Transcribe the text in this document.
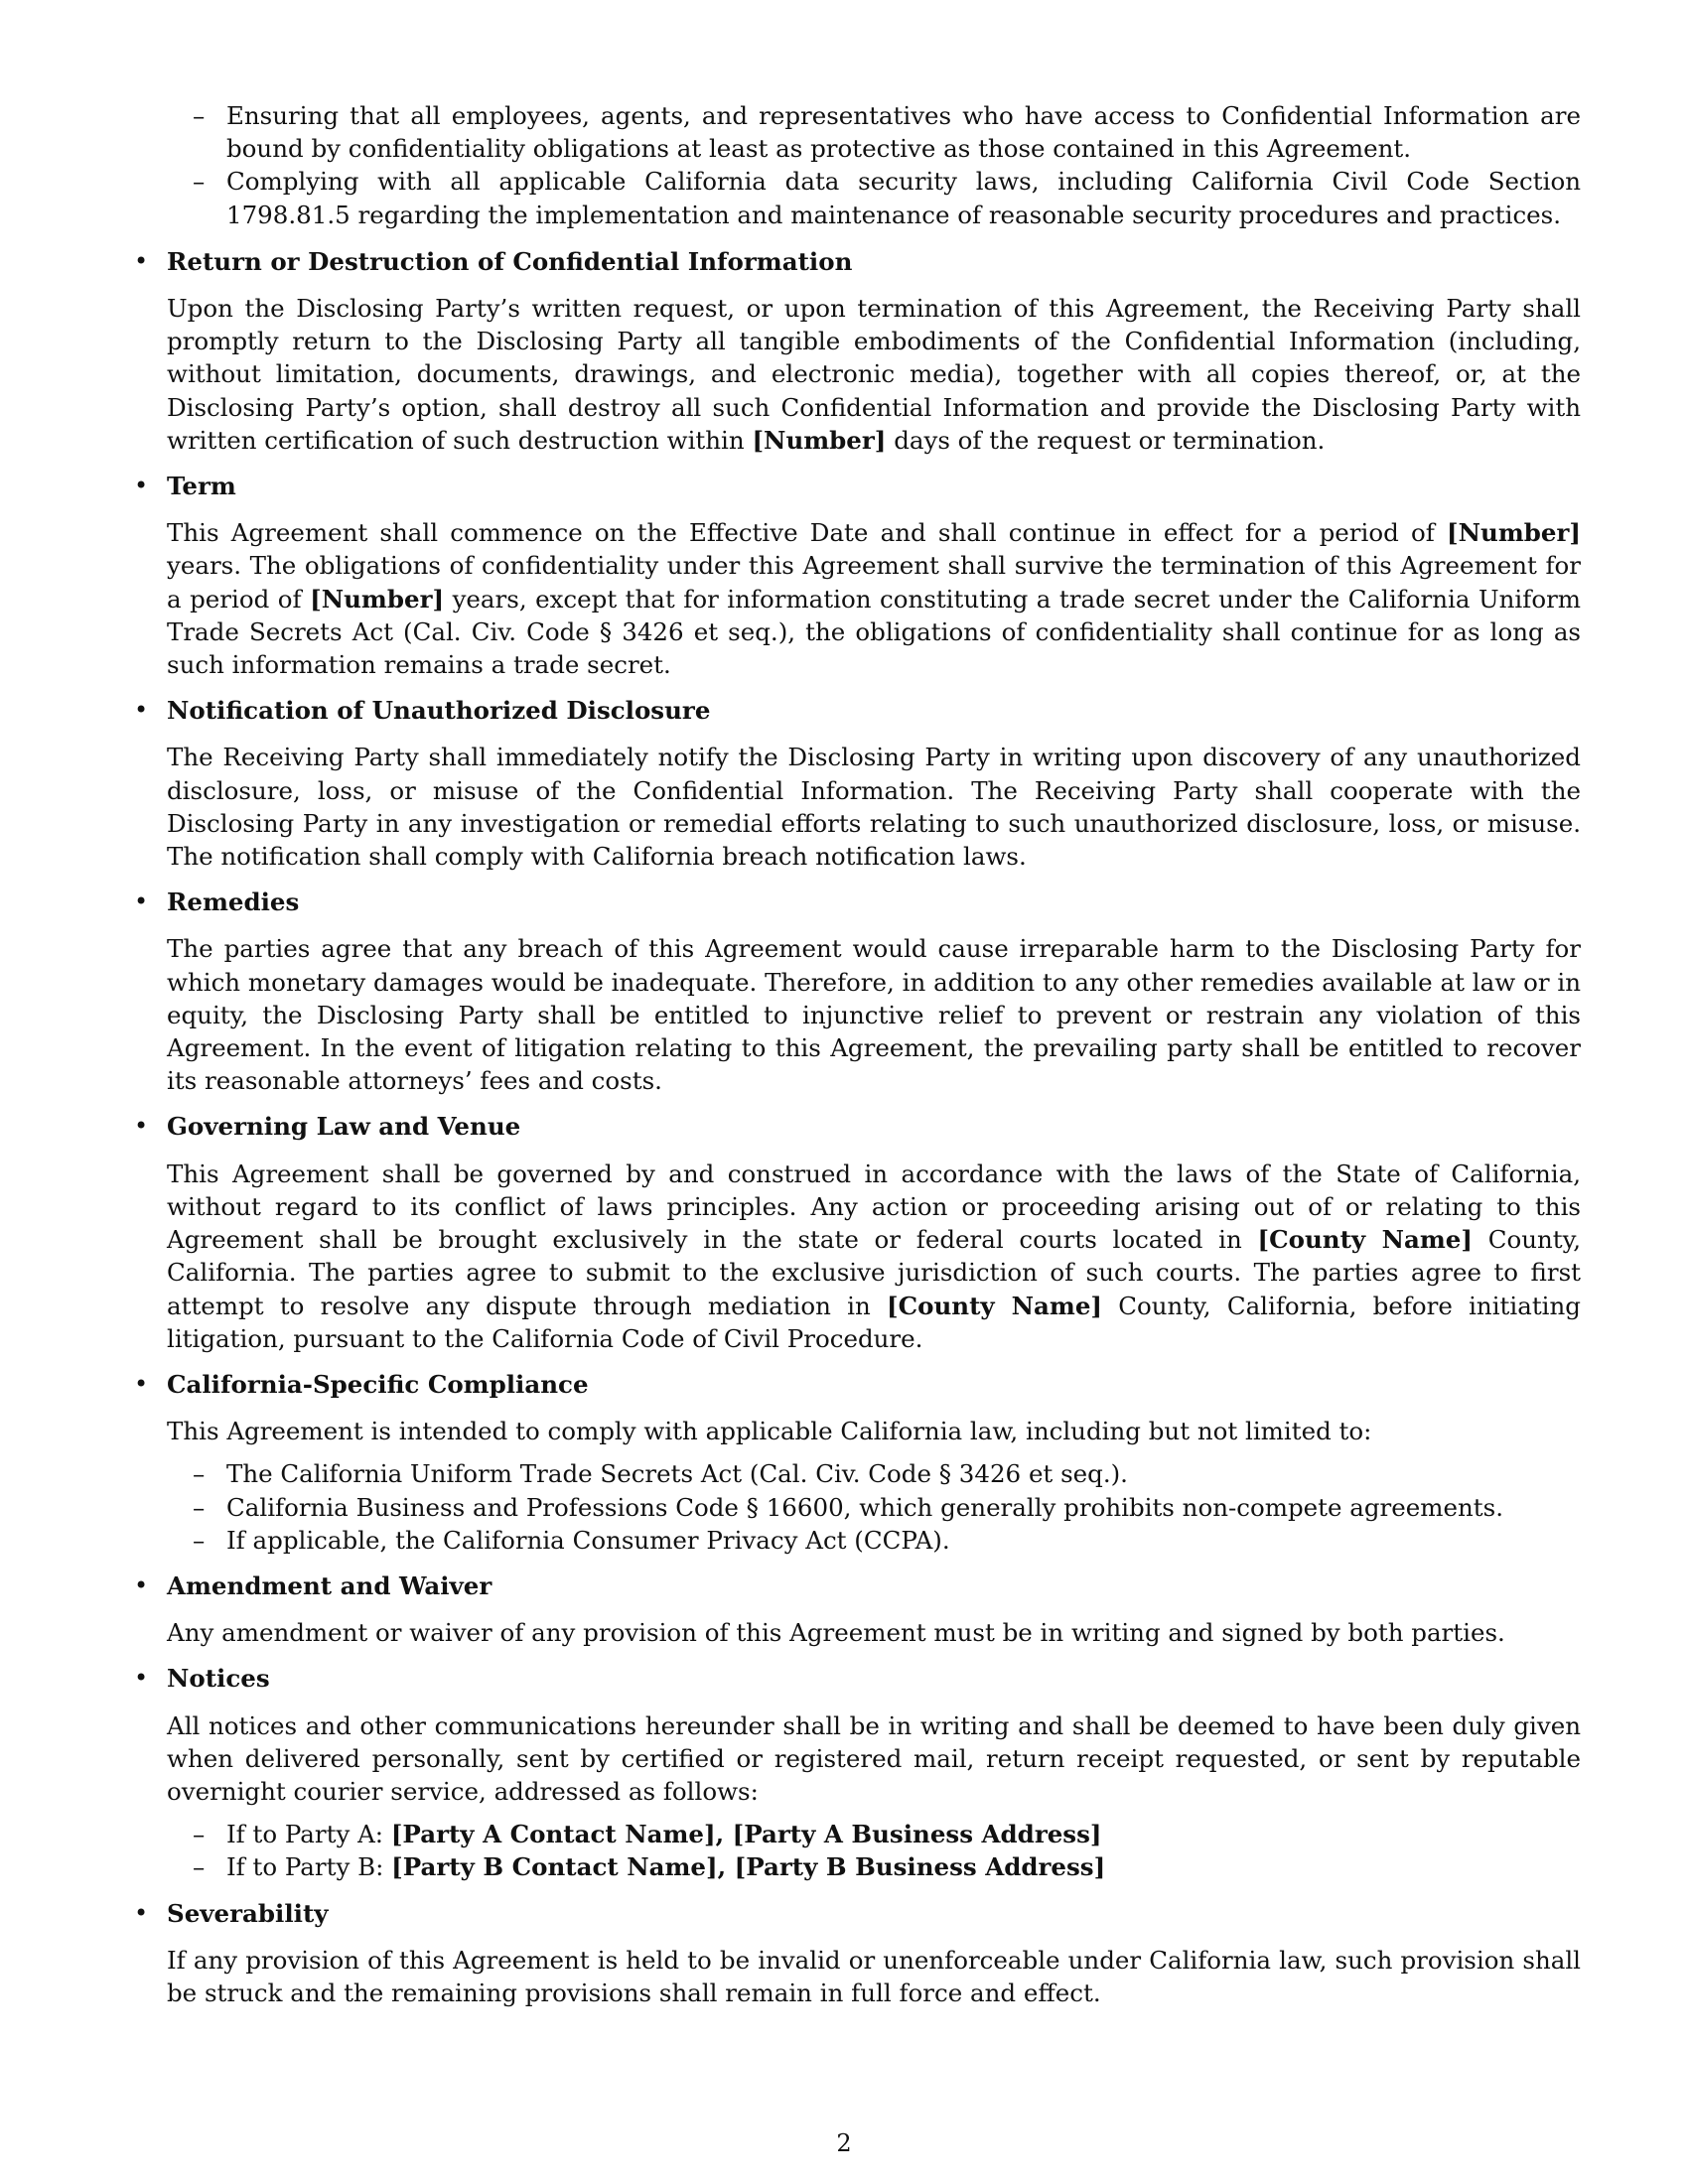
– Ensuring that all employees, agents, and representatives who have access to Confidential Information are bound by confidentiality obligations at least as protective as those contained in this Agreement.
– Complying with all applicable California data security laws, including California Civil Code Section 1798.81.5 regarding the implementation and maintenance of reasonable security procedures and practices.
• Return or Destruction of Confidential Information

Upon the Disclosing Party’s written request, or upon termination of this Agreement, the Receiving Party shall promptly return to the Disclosing Party all tangible embodiments of the Confidential Information (including, without limitation, documents, drawings, and electronic media), together with all copies thereof, or, at the Disclosing Party’s option, shall destroy all such Confidential Information and provide the Disclosing Party with written certification of such destruction within [Number] days of the request or termination.

• Term

This Agreement shall commence on the Effective Date and shall continue in effect for a period of [Number] years. The obligations of confidentiality under this Agreement shall survive the termination of this Agreement for a period of [Number] years, except that for information constituting a trade secret under the California Uniform Trade Secrets Act (Cal. Civ. Code § 3426 et seq.), the obligations of confidentiality shall continue for as long as such information remains a trade secret.

• Notification of Unauthorized Disclosure

The Receiving Party shall immediately notify the Disclosing Party in writing upon discovery of any unauthorized disclosure, loss, or misuse of the Confidential Information. The Receiving Party shall cooperate with the Disclosing Party in any investigation or remedial efforts relating to such unauthorized disclosure, loss, or misuse. The notification shall comply with California breach notification laws.

• Remedies

The parties agree that any breach of this Agreement would cause irreparable harm to the Disclosing Party for which monetary damages would be inadequate. Therefore, in addition to any other remedies available at law or in equity, the Disclosing Party shall be entitled to injunctive relief to prevent or restrain any violation of this Agreement. In the event of litigation relating to this Agreement, the prevailing party shall be entitled to recover its reasonable attorneys’ fees and costs.

• Governing Law and Venue

This Agreement shall be governed by and construed in accordance with the laws of the State of California, without regard to its conflict of laws principles. Any action or proceeding arising out of or relating to this Agreement shall be brought exclusively in the state or federal courts located in [County Name] County, California. The parties agree to submit to the exclusive jurisdiction of such courts. The parties agree to first attempt to resolve any dispute through mediation in [County Name] County, California, before initiating litigation, pursuant to the California Code of Civil Procedure.

• California-Specific Compliance

This Agreement is intended to comply with applicable California law, including but not limited to:

– The California Uniform Trade Secrets Act (Cal. Civ. Code § 3426 et seq.).
– California Business and Professions Code § 16600, which generally prohibits non-compete agreements.
– If applicable, the California Consumer Privacy Act (CCPA).
• Amendment and Waiver

Any amendment or waiver of any provision of this Agreement must be in writing and signed by both parties.

• Notices

All notices and other communications hereunder shall be in writing and shall be deemed to have been duly given when delivered personally, sent by certified or registered mail, return receipt requested, or sent by reputable overnight courier service, addressed as follows:

– If to Party A: [Party A Contact Name], [Party A Business Address]
– If to Party B: [Party B Contact Name], [Party B Business Address]
• Severability

If any provision of this Agreement is held to be invalid or unenforceable under California law, such provision shall be struck and the remaining provisions shall remain in full force and effect.

2
